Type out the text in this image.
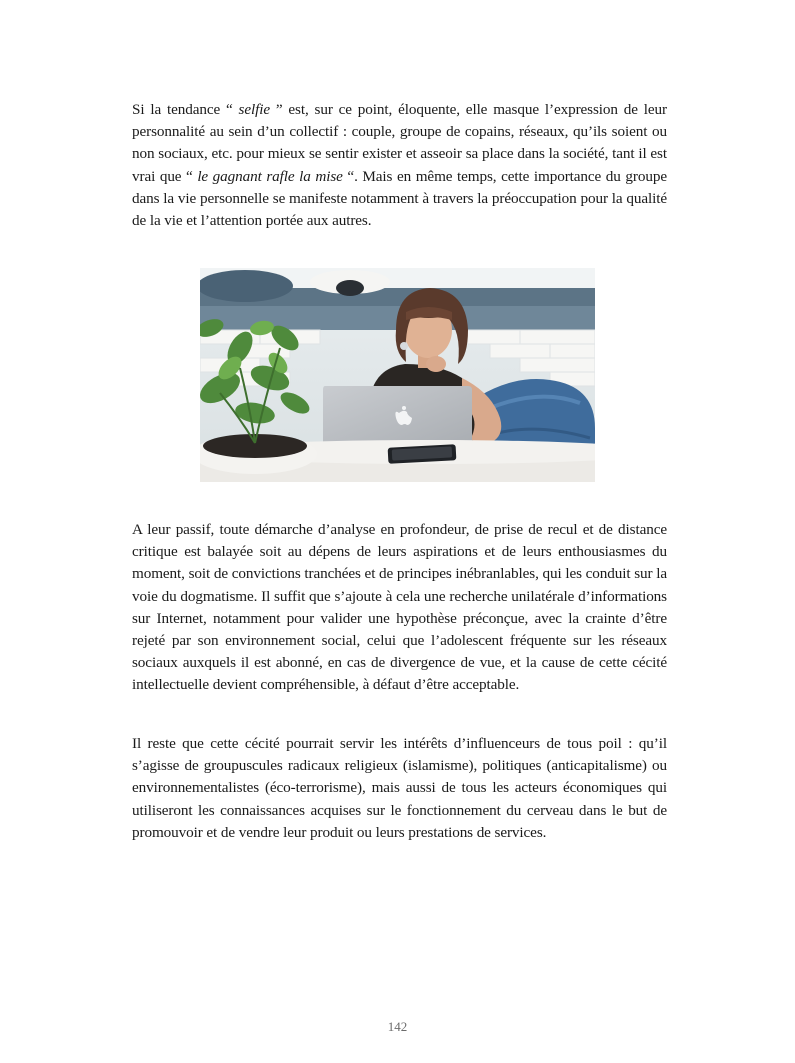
Si la tendance “ selfie ” est, sur ce point, éloquente, elle masque l’expression de leur personnalité au sein d’un collectif : couple, groupe de copains, réseaux, qu’ils soient ou non sociaux, etc. pour mieux se sentir exister et asseoir sa place dans la société, tant il est vrai que “ le gagnant rafle la mise “. Mais en même temps, cette importance du groupe dans la vie personnelle se manifeste notamment à travers la préoccupation pour la qualité de la vie et l’attention portée aux autres.

A leur passif, toute démarche d’analyse en profondeur, de prise de recul et de distance critique est balayée soit au dépens de leurs aspirations et de leurs enthousiasmes du moment, soit de convictions tranchées et de principes inébranlables, qui les conduit sur la voie du dogmatisme. Il suffit que s’ajoute à cela une recherche unilatérale d’informations sur Internet, notamment pour valider une hypothèse préconçue, avec la crainte d’être rejeté par son environnement social, celui que l’adolescent fréquente sur les réseaux sociaux auxquels il est abonné, en cas de divergence de vue, et la cause de cette cécité intellectuelle devient compréhensible, à défaut d’être acceptable.

Il reste que cette cécité pourrait servir les intérêts d’influenceurs de tous poil : qu’il s’agisse de groupuscules radicaux religieux (islamisme), politiques (anticapitalisme) ou environnementalistes (éco-terrorisme), mais aussi de tous les acteurs économiques qui utiliseront les connaissances acquises sur le fonctionnement du cerveau dans le but de promouvoir et de vendre leur produit ou leurs prestations de services.

142
